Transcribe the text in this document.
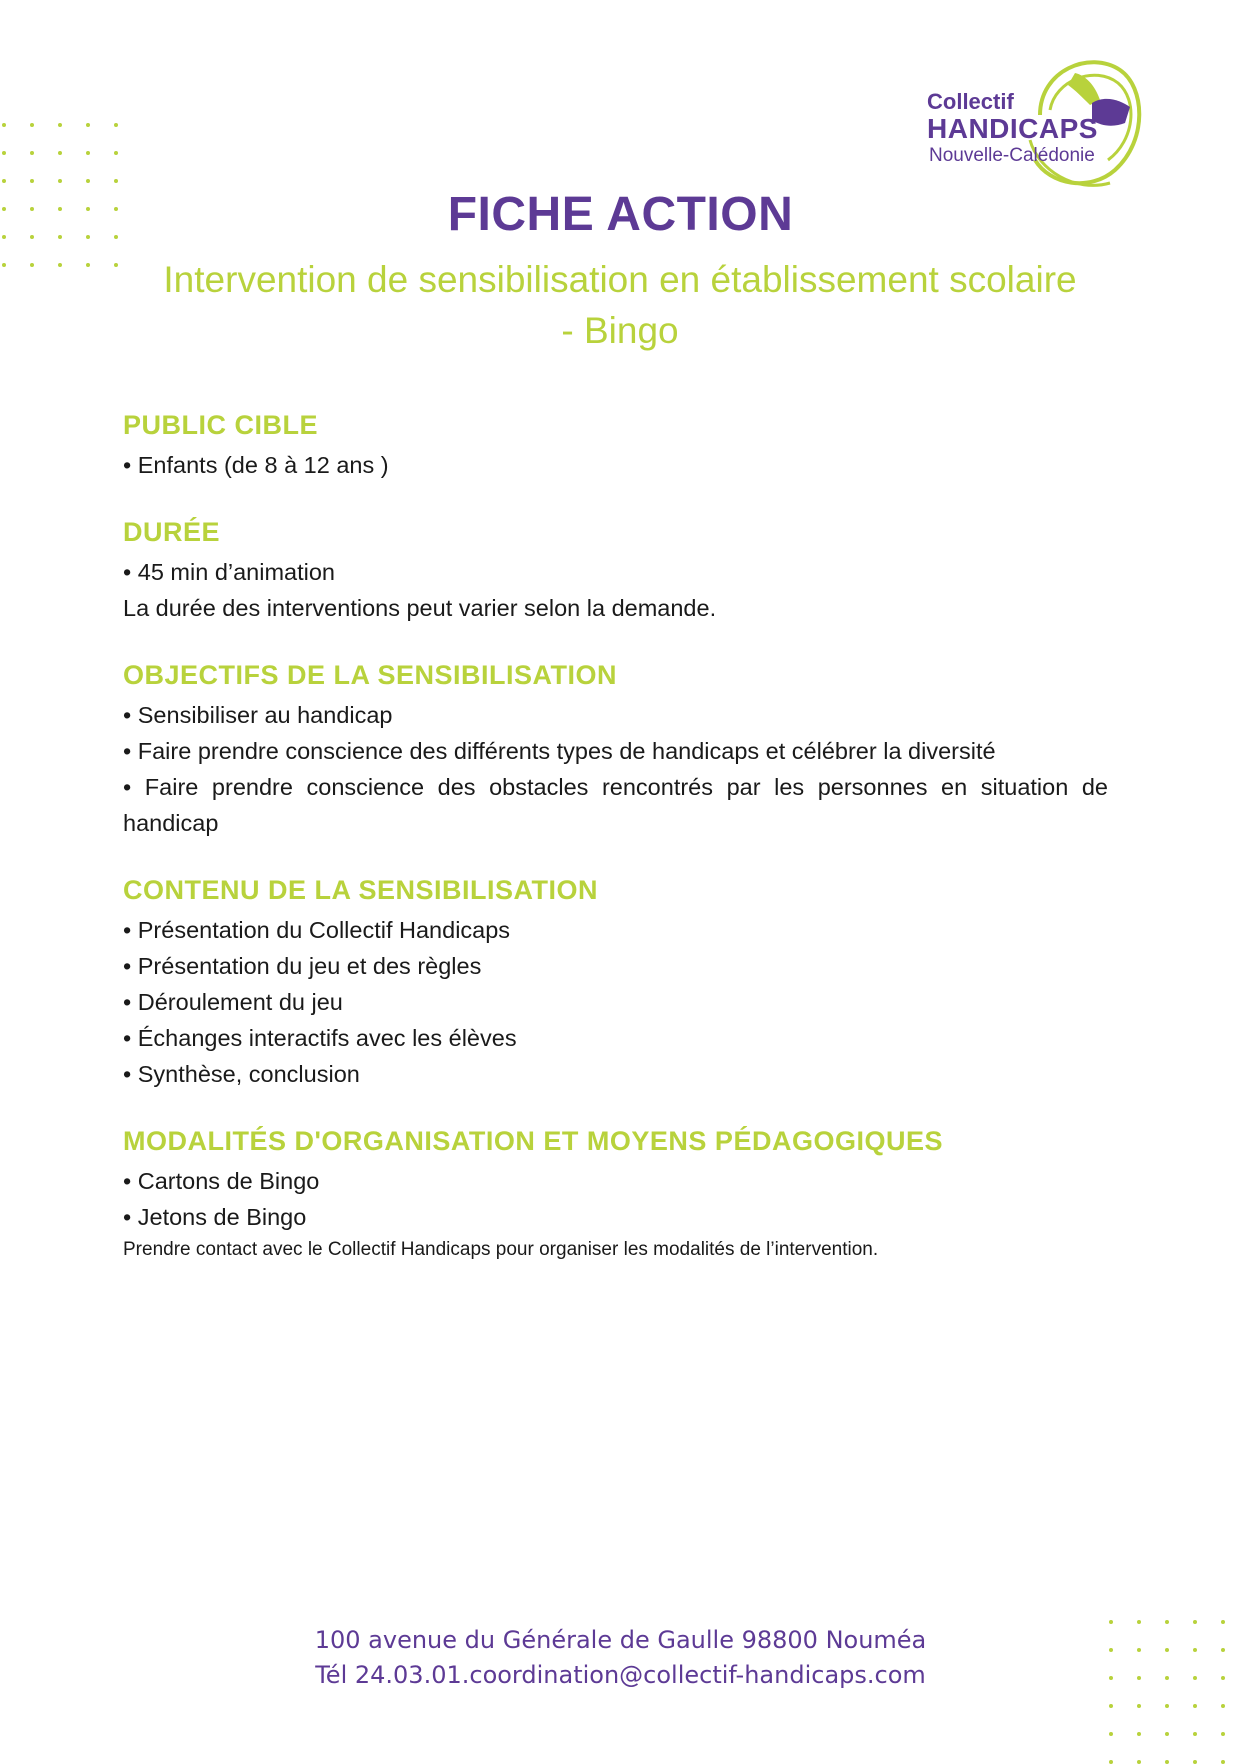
Collectif
HANDICAPS
Nouvelle-Calédonie
FICHE ACTION
Intervention de sensibilisation en établissement scolaire - Bingo
PUBLIC CIBLE

• Enfants (de 8 à 12 ans )

DURÉE

• 45 min d’animation

La durée des interventions peut varier selon la demande.

OBJECTIFS DE LA SENSIBILISATION

• Sensibiliser au handicap

• Faire prendre conscience des différents types de handicaps et célébrer la diversité

• Faire prendre conscience des obstacles rencontrés par les personnes en situation de handicap

CONTENU DE LA SENSIBILISATION

• Présentation du Collectif Handicaps

• Présentation du jeu et des règles

• Déroulement du jeu

• Échanges interactifs avec les élèves

• Synthèse, conclusion

MODALITÉS D'ORGANISATION ET MOYENS PÉDAGOGIQUES

• Cartons de Bingo

• Jetons de Bingo

Prendre contact avec le Collectif Handicaps pour organiser les modalités de l’intervention.

100 avenue du Générale de Gaulle 98800 Nouméa
Tél 24.03.01.coordination@collectif-handicaps.com
